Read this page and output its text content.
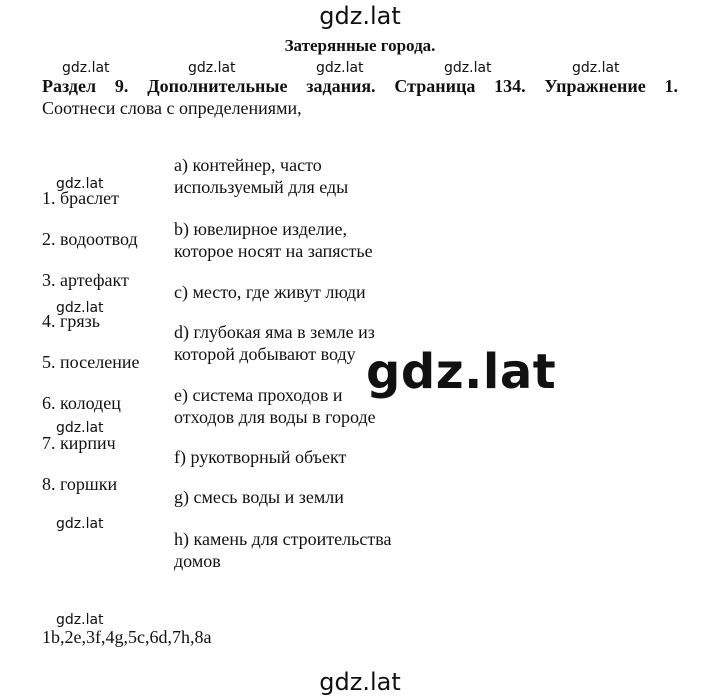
gdz.lat
Затерянные города.
gdz.lat	gdz.lat	gdz.lat	gdz.lat	gdz.lat
Раздел 9. Дополнительные задания. Страница 134. Упражнение 1.
Соотнеси слова с определениями,
gdz.lat
gdz.lat
gdz.lat
gdz.lat
gdz.lat
1. браслет
2. водоотвод
3. артефакт
4. грязь
5. поселение
6. колодец
7. кирпич
8. горшки
a) контейнер, часто
используемый для еды
b) ювелирное изделие,
которое носят на запястье
c) место, где живут люди
d) глубокая яма в земле из
которой добывают воду
e) система проходов и
отходов для воды в городе
f) рукотворный объект
g) смесь воды и земли
h) камень для строительства
домов
gdz.lat
1b,2e,3f,4g,5c,6d,7h,8a
gdz.lat
